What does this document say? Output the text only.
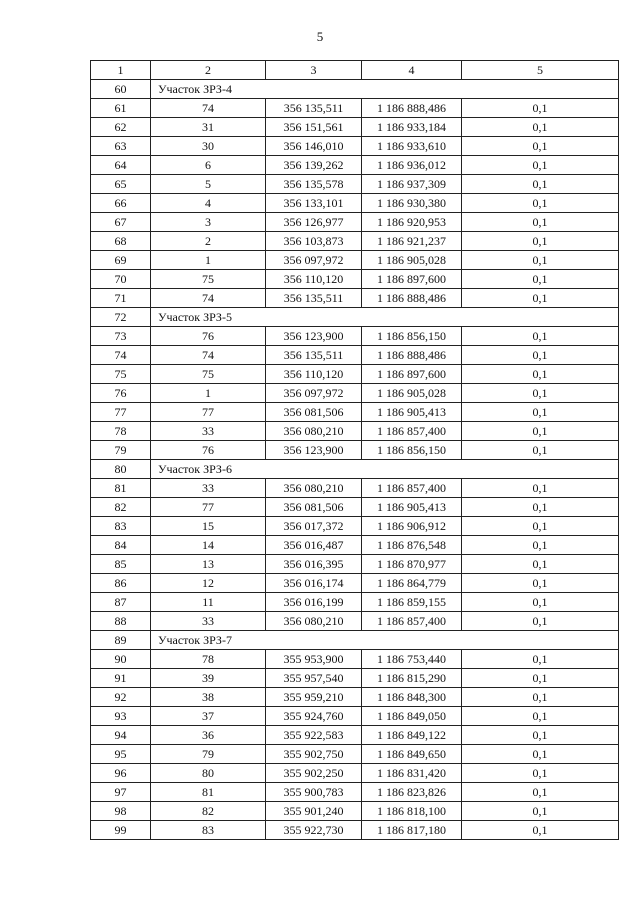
5
1	2	3	4	5
60	Участок ЗРЗ-4			
61	74	356 135,511	1 186 888,486	0,1
62	31	356 151,561	1 186 933,184	0,1
63	30	356 146,010	1 186 933,610	0,1
64	6	356 139,262	1 186 936,012	0,1
65	5	356 135,578	1 186 937,309	0,1
66	4	356 133,101	1 186 930,380	0,1
67	3	356 126,977	1 186 920,953	0,1
68	2	356 103,873	1 186 921,237	0,1
69	1	356 097,972	1 186 905,028	0,1
70	75	356 110,120	1 186 897,600	0,1
71	74	356 135,511	1 186 888,486	0,1
72	Участок ЗРЗ-5			
73	76	356 123,900	1 186 856,150	0,1
74	74	356 135,511	1 186 888,486	0,1
75	75	356 110,120	1 186 897,600	0,1
76	1	356 097,972	1 186 905,028	0,1
77	77	356 081,506	1 186 905,413	0,1
78	33	356 080,210	1 186 857,400	0,1
79	76	356 123,900	1 186 856,150	0,1
80	Участок ЗРЗ-6			
81	33	356 080,210	1 186 857,400	0,1
82	77	356 081,506	1 186 905,413	0,1
83	15	356 017,372	1 186 906,912	0,1
84	14	356 016,487	1 186 876,548	0,1
85	13	356 016,395	1 186 870,977	0,1
86	12	356 016,174	1 186 864,779	0,1
87	11	356 016,199	1 186 859,155	0,1
88	33	356 080,210	1 186 857,400	0,1
89	Участок ЗРЗ-7			
90	78	355 953,900	1 186 753,440	0,1
91	39	355 957,540	1 186 815,290	0,1
92	38	355 959,210	1 186 848,300	0,1
93	37	355 924,760	1 186 849,050	0,1
94	36	355 922,583	1 186 849,122	0,1
95	79	355 902,750	1 186 849,650	0,1
96	80	355 902,250	1 186 831,420	0,1
97	81	355 900,783	1 186 823,826	0,1
98	82	355 901,240	1 186 818,100	0,1
99	83	355 922,730	1 186 817,180	0,1
